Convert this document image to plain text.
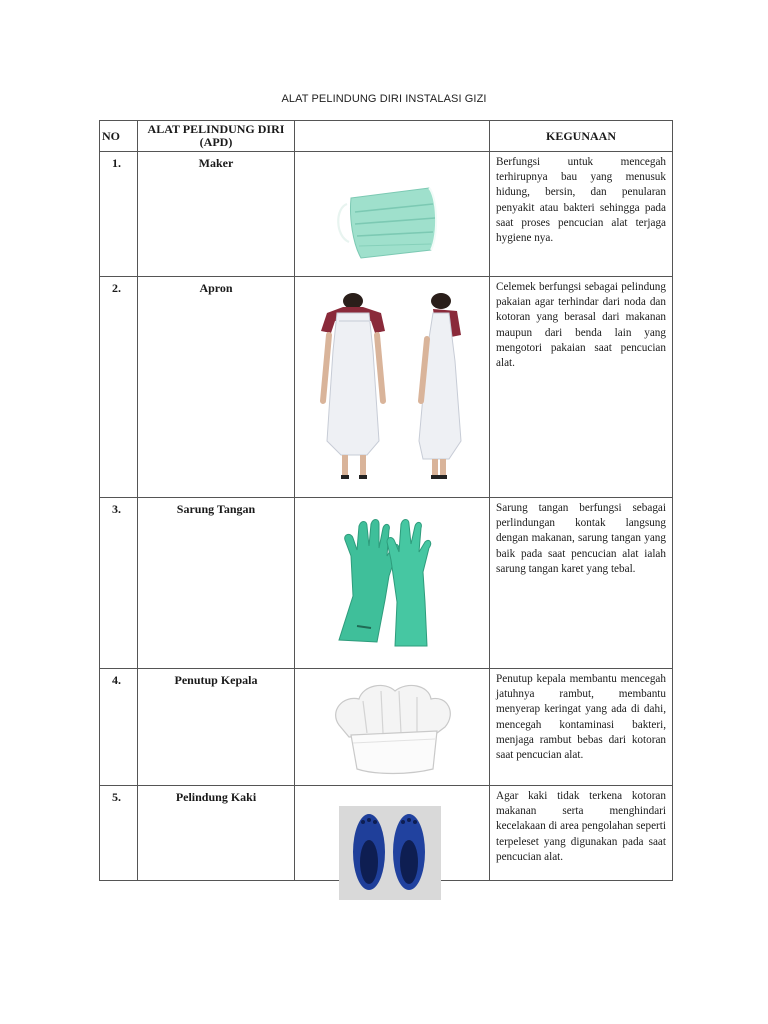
ALAT PELINDUNG DIRI INSTALASI GIZI
NO	ALAT PELINDUNG DIRI (APD)		KEGUNAAN
1.	Maker		Berfungsi untuk mencegah terhirupnya bau yang menusuk hidung, bersin, dan penularan penyakit atau bakteri sehingga pada saat proses pencucian alat terjaga hygiene nya.
2.	Apron		Celemek berfungsi sebagai pelindung pakaian agar terhindar dari noda dan kotoran yang berasal dari makanan maupun dari benda lain yang mengotori pakaian saat pencucian alat.
3.	Sarung Tangan		Sarung tangan berfungsi sebagai perlindungan kontak langsung dengan makanan, sarung tangan yang baik pada saat pencucian alat ialah sarung tangan karet yang tebal.
4.	Penutup Kepala		Penutup kepala membantu mencegah jatuhnya rambut, membantu menyerap keringat yang ada di dahi, mencegah kontaminasi bakteri, menjaga rambut bebas dari kotoran saat pencucian alat.
5.	Pelindung Kaki		Agar kaki tidak terkena kotoran makanan serta menghindari kecelakaan di area pengolahan seperti terpeleset yang digunakan pada saat pencucian alat.
